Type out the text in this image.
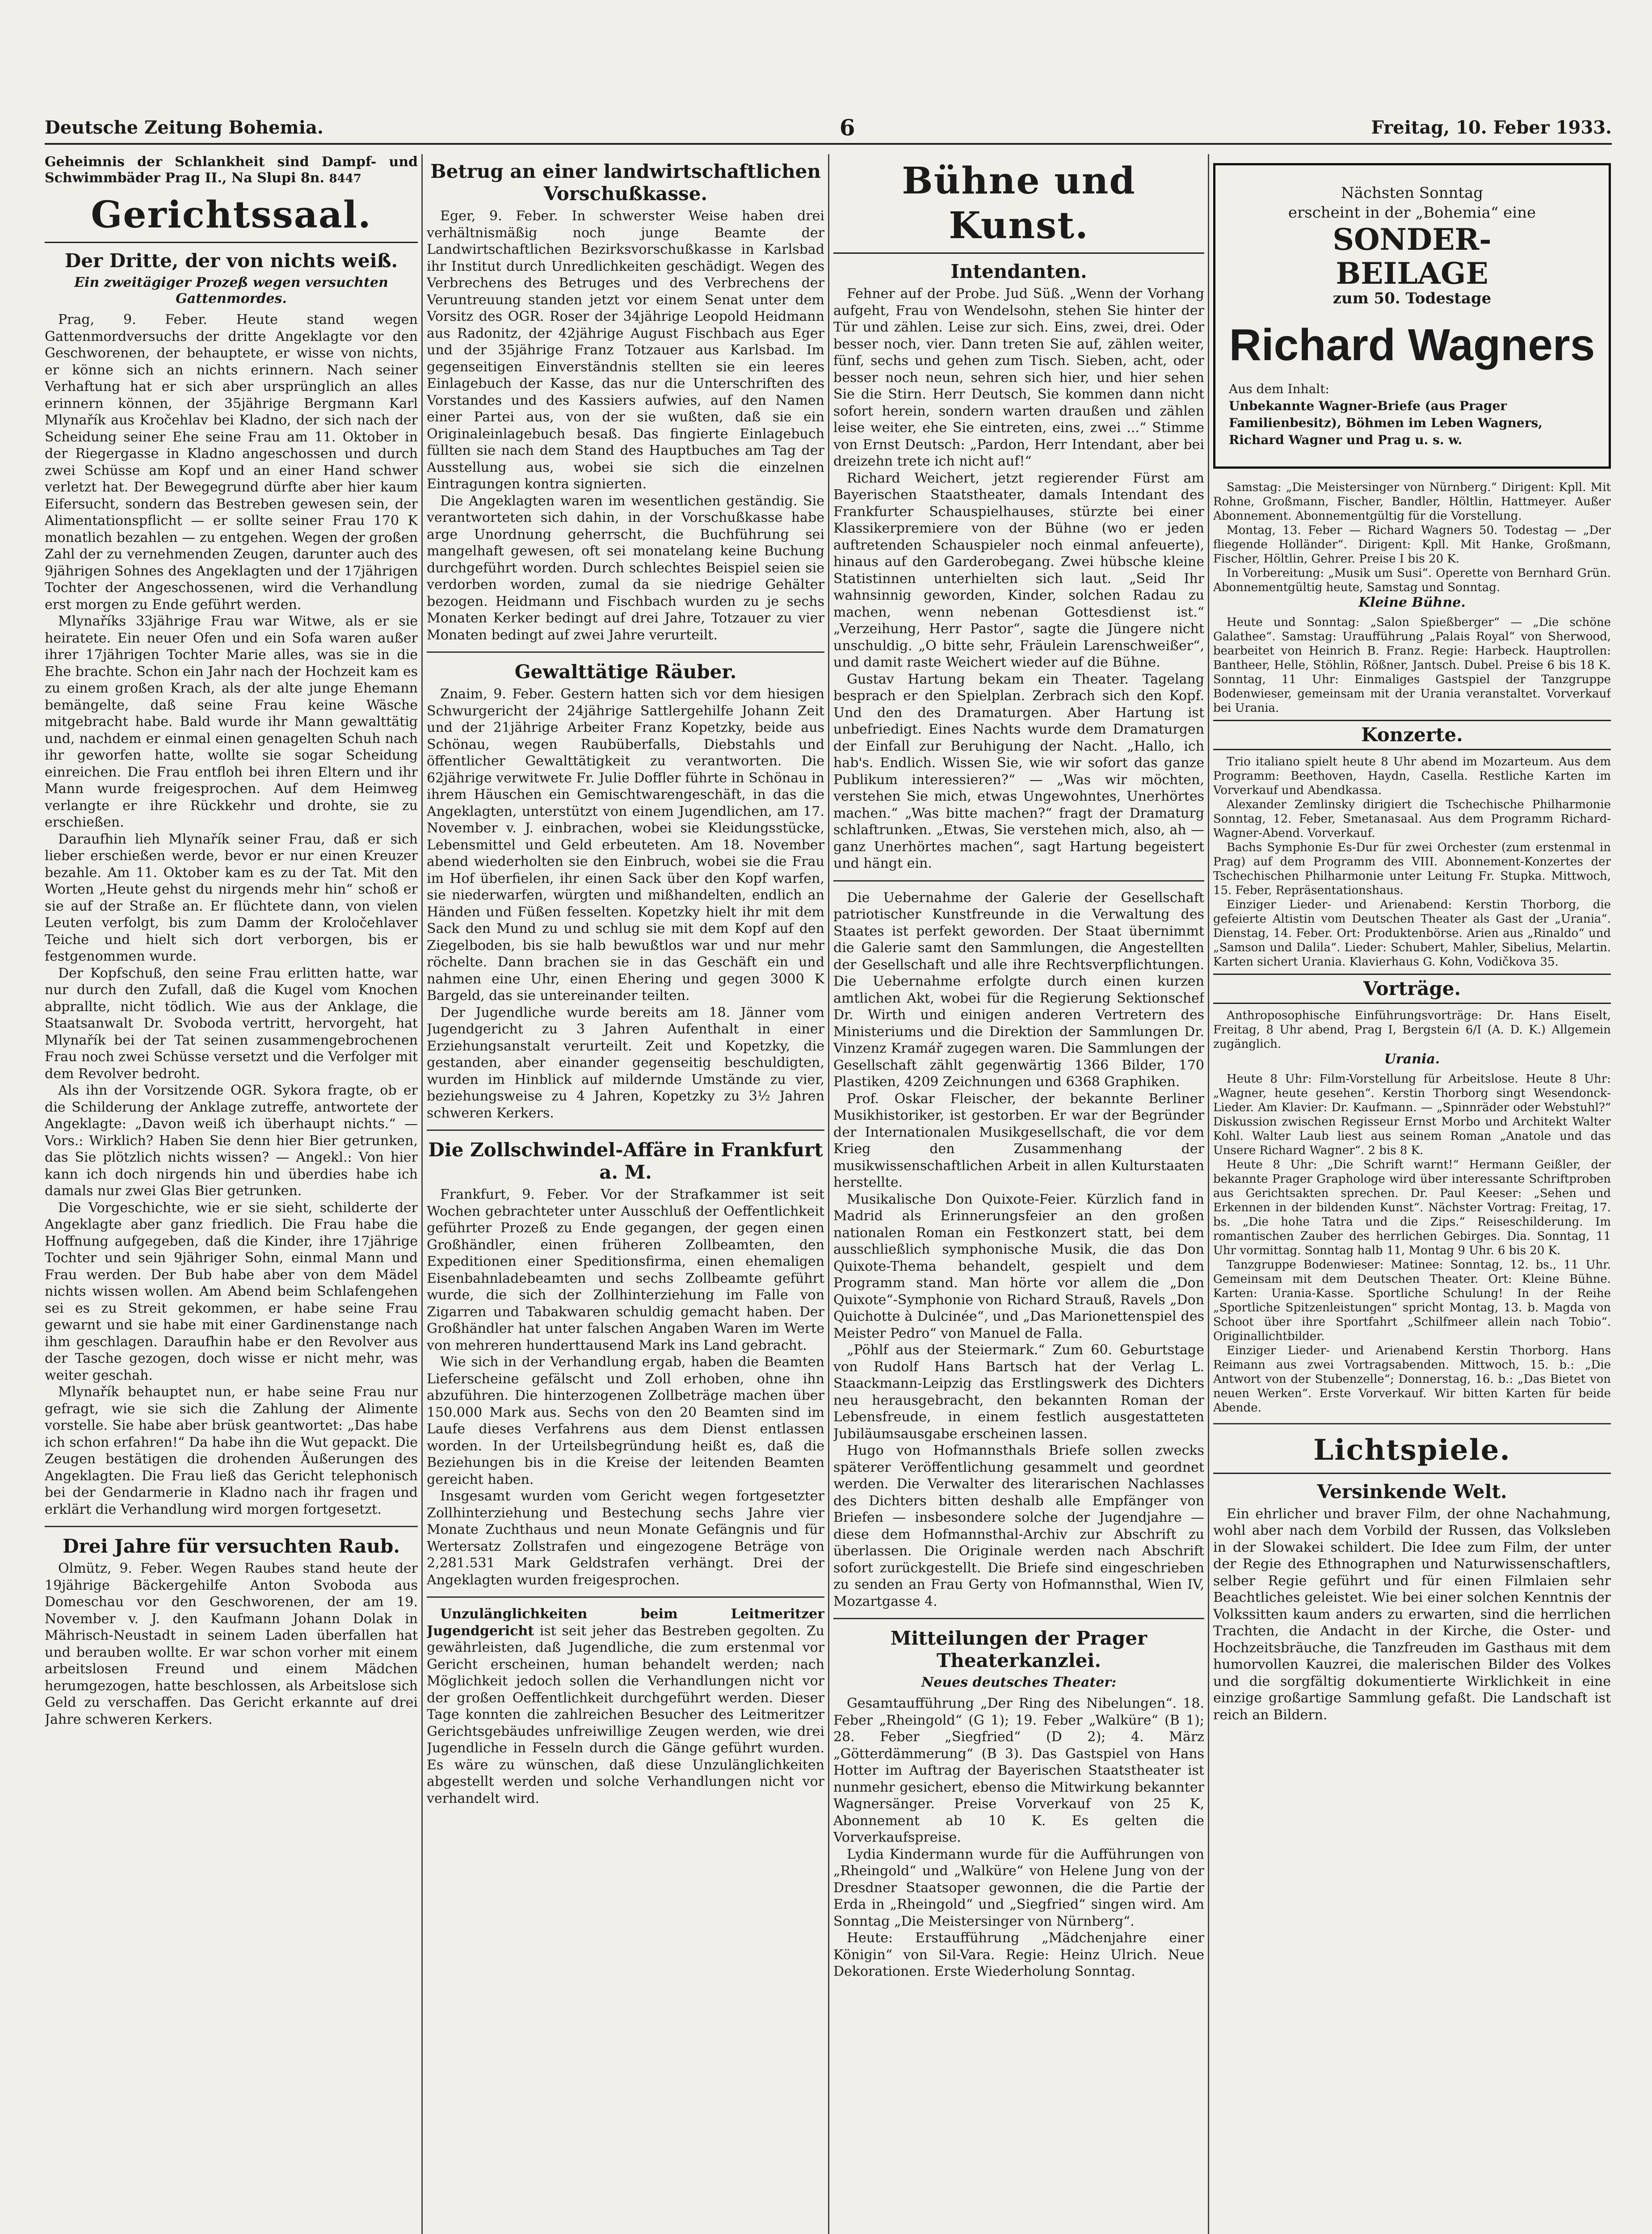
Deutsche Zeitung Bohemia.	6	Freitag, 10. Feber 1933.
Geheimnis der Schlankheit sind Dampf- und Schwimmbäder Prag II., Na Slupi 8n. 8447
Gerichtssaal.
Der Dritte, der von nichts weiß.
Ein zweitägiger Prozeß wegen versuchten Gattenmordes.

Prag, 9. Feber. Heute stand wegen Gattenmordversuchs der dritte Angeklagte vor den Geschworenen, der behauptete, er wisse von nichts, er könne sich an nichts erinnern. Nach seiner Verhaftung hat er sich aber ursprünglich an alles erinnern können, der 35jährige Bergmann Karl Mlynařík aus Kročehlav bei Kladno, der sich nach der Scheidung seiner Ehe seine Frau am 11. Oktober in der Riegergasse in Kladno angeschossen und durch zwei Schüsse am Kopf und an einer Hand schwer verletzt hat. Der Bewegegrund dürfte aber hier kaum Eifersucht, sondern das Bestreben gewesen sein, der Alimentationspflicht — er sollte seiner Frau 170 K monatlich bezahlen — zu entgehen. Wegen der großen Zahl der zu vernehmenden Zeugen, darunter auch des 9jährigen Sohnes des Angeklagten und der 17jährigen Tochter der Angeschossenen, wird die Verhandlung erst morgen zu Ende geführt werden.

Mlynaříks 33jährige Frau war Witwe, als er sie heiratete. Ein neuer Ofen und ein Sofa waren außer ihrer 17jährigen Tochter Marie alles, was sie in die Ehe brachte. Schon ein Jahr nach der Hochzeit kam es zu einem großen Krach, als der alte junge Ehemann bemängelte, daß seine Frau keine Wäsche mitgebracht habe. Bald wurde ihr Mann gewalttätig und, nachdem er einmal einen genagelten Schuh nach ihr geworfen hatte, wollte sie sogar Scheidung einreichen. Die Frau entfloh bei ihren Eltern und ihr Mann wurde freigesprochen. Auf dem Heimweg verlangte er ihre Rückkehr und drohte, sie zu erschießen.

Daraufhin lieh Mlynařík seiner Frau, daß er sich lieber erschießen werde, bevor er nur einen Kreuzer bezahle. Am 11. Oktober kam es zu der Tat. Mit den Worten „Heute gehst du nirgends mehr hin“ schoß er sie auf der Straße an. Er flüchtete dann, von vielen Leuten verfolgt, bis zum Damm der Kroločehlaver Teiche und hielt sich dort verborgen, bis er festgenommen wurde.

Der Kopfschuß, den seine Frau erlitten hatte, war nur durch den Zufall, daß die Kugel vom Knochen abprallte, nicht tödlich. Wie aus der Anklage, die Staatsanwalt Dr. Svoboda vertritt, hervorgeht, hat Mlynařík bei der Tat seinen zusammengebrochenen Frau noch zwei Schüsse versetzt und die Verfolger mit dem Revolver bedroht.

Als ihn der Vorsitzende OGR. Sykora fragte, ob er die Schilderung der Anklage zutreffe, antwortete der Angeklagte: „Davon weiß ich überhaupt nichts.“ — Vors.: Wirklich? Haben Sie denn hier Bier getrunken, das Sie plötzlich nichts wissen? — Angekl.: Von hier kann ich doch nirgends hin und überdies habe ich damals nur zwei Glas Bier getrunken.

Die Vorgeschichte, wie er sie sieht, schilderte der Angeklagte aber ganz friedlich. Die Frau habe die Hoffnung aufgegeben, daß die Kinder, ihre 17jährige Tochter und sein 9jähriger Sohn, einmal Mann und Frau werden. Der Bub habe aber von dem Mädel nichts wissen wollen. Am Abend beim Schlafengehen sei es zu Streit gekommen, er habe seine Frau gewarnt und sie habe mit einer Gardinenstange nach ihm geschlagen. Daraufhin habe er den Revolver aus der Tasche gezogen, doch wisse er nicht mehr, was weiter geschah.

Mlynařík behauptet nun, er habe seine Frau nur gefragt, wie sie sich die Zahlung der Alimente vorstelle. Sie habe aber brüsk geantwortet: „Das habe ich schon erfahren!“ Da habe ihn die Wut gepackt. Die Zeugen bestätigen die drohenden Äußerungen des Angeklagten. Die Frau ließ das Gericht telephonisch bei der Gendarmerie in Kladno nach ihr fragen und erklärt die Verhandlung wird morgen fortgesetzt.

Drei Jahre für versuchten Raub.

Olmütz, 9. Feber. Wegen Raubes stand heute der 19jährige Bäckergehilfe Anton Svoboda aus Domeschau vor den Geschworenen, der am 19. November v. J. den Kaufmann Johann Dolak in Mährisch-Neustadt in seinem Laden überfallen hat und berauben wollte. Er war schon vorher mit einem arbeitslosen Freund und einem Mädchen herumgezogen, hatte beschlossen, als Arbeitslose sich Geld zu verschaffen. Das Gericht erkannte auf drei Jahre schweren Kerkers.

Betrug an einer landwirtschaftlichen Vorschußkasse.

Eger, 9. Feber. In schwerster Weise haben drei verhältnismäßig noch junge Beamte der Landwirtschaftlichen Bezirksvorschußkasse in Karlsbad ihr Institut durch Unredlichkeiten geschädigt. Wegen des Verbrechens des Betruges und des Verbrechens der Veruntreuung standen jetzt vor einem Senat unter dem Vorsitz des OGR. Roser der 34jährige Leopold Heidmann aus Radonitz, der 42jährige August Fischbach aus Eger und der 35jährige Franz Totzauer aus Karlsbad. Im gegenseitigen Einverständnis stellten sie ein leeres Einlagebuch der Kasse, das nur die Unterschriften des Vorstandes und des Kassiers aufwies, auf den Namen einer Partei aus, von der sie wußten, daß sie ein Originaleinlagebuch besaß. Das fingierte Einlagebuch füllten sie nach dem Stand des Hauptbuches am Tag der Ausstellung aus, wobei sie sich die einzelnen Eintragungen kontra signierten.

Die Angeklagten waren im wesentlichen geständig. Sie verantworteten sich dahin, in der Vorschußkasse habe arge Unordnung geherrscht, die Buchführung sei mangelhaft gewesen, oft sei monatelang keine Buchung durchgeführt worden. Durch schlechtes Beispiel seien sie verdorben worden, zumal da sie niedrige Gehälter bezogen. Heidmann und Fischbach wurden zu je sechs Monaten Kerker bedingt auf drei Jahre, Totzauer zu vier Monaten bedingt auf zwei Jahre verurteilt.

Gewalttätige Räuber.

Znaim, 9. Feber. Gestern hatten sich vor dem hiesigen Schwurgericht der 24jährige Sattlergehilfe Johann Zeit und der 21jährige Arbeiter Franz Kopetzky, beide aus Schönau, wegen Raubüberfalls, Diebstahls und öffentlicher Gewalttätigkeit zu verantworten. Die 62jährige verwitwete Fr. Julie Doffler führte in Schönau in ihrem Häuschen ein Gemischtwarengeschäft, in das die Angeklagten, unterstützt von einem Jugendlichen, am 17. November v. J. einbrachen, wobei sie Kleidungsstücke, Lebensmittel und Geld erbeuteten. Am 18. November abend wiederholten sie den Einbruch, wobei sie die Frau im Hof überfielen, ihr einen Sack über den Kopf warfen, sie niederwarfen, würgten und mißhandelten, endlich an Händen und Füßen fesselten. Kopetzky hielt ihr mit dem Sack den Mund zu und schlug sie mit dem Kopf auf den Ziegelboden, bis sie halb bewußtlos war und nur mehr röchelte. Dann brachen sie in das Geschäft ein und nahmen eine Uhr, einen Ehering und gegen 3000 K Bargeld, das sie untereinander teilten.

Der Jugendliche wurde bereits am 18. Jänner vom Jugendgericht zu 3 Jahren Aufenthalt in einer Erziehungsanstalt verurteilt. Zeit und Kopetzky, die gestanden, aber einander gegenseitig beschuldigten, wurden im Hinblick auf mildernde Umstände zu vier, beziehungsweise zu 4 Jahren, Kopetzky zu 3½ Jahren schweren Kerkers.

Die Zollschwindel-Affäre in Frankfurt a. M.

Frankfurt, 9. Feber. Vor der Strafkammer ist seit Wochen gebrachteter unter Ausschluß der Oeffentlichkeit geführter Prozeß zu Ende gegangen, der gegen einen Großhändler, einen früheren Zollbeamten, den Expeditionen einer Speditionsfirma, einen ehemaligen Eisenbahnladebeamten und sechs Zollbeamte geführt wurde, die sich der Zollhinterziehung im Falle von Zigarren und Tabakwaren schuldig gemacht haben. Der Großhändler hat unter falschen Angaben Waren im Werte von mehreren hunderttausend Mark ins Land gebracht.

Wie sich in der Verhandlung ergab, haben die Beamten Lieferscheine gefälscht und Zoll erhoben, ohne ihn abzuführen. Die hinterzogenen Zollbeträge machen über 150.000 Mark aus. Sechs von den 20 Beamten sind im Laufe dieses Verfahrens aus dem Dienst entlassen worden. In der Urteilsbegründung heißt es, daß die Beziehungen bis in die Kreise der leitenden Beamten gereicht haben.

Insgesamt wurden vom Gericht wegen fortgesetzter Zollhinterziehung und Bestechung sechs Jahre vier Monate Zuchthaus und neun Monate Gefängnis und für Wertersatz Zollstrafen und eingezogene Beträge von 2,281.531 Mark Geldstrafen verhängt. Drei der Angeklagten wurden freigesprochen.

Unzulänglichkeiten beim Leitmeritzer Jugendgericht ist seit jeher das Bestreben gegolten. Zu gewährleisten, daß Jugendliche, die zum erstenmal vor Gericht erscheinen, human behandelt werden; nach Möglichkeit jedoch sollen die Verhandlungen nicht vor der großen Oeffentlichkeit durchgeführt werden. Dieser Tage konnten die zahlreichen Besucher des Leitmeritzer Gerichtsgebäudes unfreiwillige Zeugen werden, wie drei Jugendliche in Fesseln durch die Gänge geführt wurden. Es wäre zu wünschen, daß diese Unzulänglichkeiten abgestellt werden und solche Verhandlungen nicht vor verhandelt wird.

Bühne und Kunst.
Intendanten.

Fehner auf der Probe. Jud Süß. „Wenn der Vorhang aufgeht, Frau von Wendelsohn, stehen Sie hinter der Tür und zählen. Leise zur sich. Eins, zwei, drei. Oder besser noch, vier. Dann treten Sie auf, zählen weiter, fünf, sechs und gehen zum Tisch. Sieben, acht, oder besser noch neun, sehren sich hier, und hier sehen Sie die Stirn. Herr Deutsch, Sie kommen dann nicht sofort herein, sondern warten draußen und zählen leise weiter, ehe Sie eintreten, eins, zwei ...“ Stimme von Ernst Deutsch: „Pardon, Herr Intendant, aber bei dreizehn trete ich nicht auf!“

Richard Weichert, jetzt regierender Fürst am Bayerischen Staatstheater, damals Intendant des Frankfurter Schauspielhauses, stürzte bei einer Klassikerpremiere von der Bühne (wo er jeden auftretenden Schauspieler noch einmal anfeuerte), hinaus auf den Garderobegang. Zwei hübsche kleine Statistinnen unterhielten sich laut. „Seid Ihr wahnsinnig geworden, Kinder, solchen Radau zu machen, wenn nebenan Gottesdienst ist.“ „Verzeihung, Herr Pastor“, sagte die Jüngere nicht unschuldig. „O bitte sehr, Fräulein Larenschweißer“, und damit raste Weichert wieder auf die Bühne.

Gustav Hartung bekam ein Theater. Tagelang besprach er den Spielplan. Zerbrach sich den Kopf. Und den des Dramaturgen. Aber Hartung ist unbefriedigt. Eines Nachts wurde dem Dramaturgen der Einfall zur Beruhigung der Nacht. „Hallo, ich hab's. Endlich. Wissen Sie, wie wir sofort das ganze Publikum interessieren?“ — „Was wir möchten, verstehen Sie mich, etwas Ungewohntes, Unerhörtes machen.“ „Was bitte machen?“ fragt der Dramaturg schlaftrunken. „Etwas, Sie verstehen mich, also, ah — ganz Unerhörtes machen“, sagt Hartung begeistert und hängt ein.

Die Uebernahme der Galerie der Gesellschaft patriotischer Kunstfreunde in die Verwaltung des Staates ist perfekt geworden. Der Staat übernimmt die Galerie samt den Sammlungen, die Angestellten der Gesellschaft und alle ihre Rechtsverpflichtungen. Die Uebernahme erfolgte durch einen kurzen amtlichen Akt, wobei für die Regierung Sektionschef Dr. Wirth und einigen anderen Vertretern des Ministeriums und die Direktion der Sammlungen Dr. Vinzenz Kramář zugegen waren. Die Sammlungen der Gesellschaft zählt gegenwärtig 1366 Bilder, 170 Plastiken, 4209 Zeichnungen und 6368 Graphiken.

Prof. Oskar Fleischer, der bekannte Berliner Musikhistoriker, ist gestorben. Er war der Begründer der Internationalen Musikgesellschaft, die vor dem Krieg den Zusammenhang der musikwissenschaftlichen Arbeit in allen Kulturstaaten herstellte.

Musikalische Don Quixote-Feier. Kürzlich fand in Madrid als Erinnerungsfeier an den großen nationalen Roman ein Festkonzert statt, bei dem ausschließlich symphonische Musik, die das Don Quixote-Thema behandelt, gespielt und dem Programm stand. Man hörte vor allem die „Don Quixote“-Symphonie von Richard Strauß, Ravels „Don Quichotte à Dulcinée“, und „Das Marionettenspiel des Meister Pedro“ von Manuel de Falla.

„Pöhlf aus der Steiermark.“ Zum 60. Geburtstage von Rudolf Hans Bartsch hat der Verlag L. Staackmann-Leipzig das Erstlingswerk des Dichters neu herausgebracht, den bekannten Roman der Lebensfreude, in einem festlich ausgestatteten Jubiläumsausgabe erscheinen lassen.

Hugo von Hofmannsthals Briefe sollen zwecks späterer Veröffentlichung gesammelt und geordnet werden. Die Verwalter des literarischen Nachlasses des Dichters bitten deshalb alle Empfänger von Briefen — insbesondere solche der Jugendjahre — diese dem Hofmannsthal-Archiv zur Abschrift zu überlassen. Die Originale werden nach Abschrift sofort zurückgestellt. Die Briefe sind eingeschrieben zu senden an Frau Gerty von Hofmannsthal, Wien IV, Mozartgasse 4.

Mitteilungen der Prager Theaterkanzlei.
Neues deutsches Theater:

Gesamtaufführung „Der Ring des Nibelungen“. 18. Feber „Rheingold“ (G 1); 19. Feber „Walküre“ (B 1); 28. Feber „Siegfried“ (D 2); 4. März „Götterdämmerung“ (B 3). Das Gastspiel von Hans Hotter im Auftrag der Bayerischen Staatstheater ist nunmehr gesichert, ebenso die Mitwirkung bekannter Wagnersänger. Preise Vorverkauf von 25 K, Abonnement ab 10 K. Es gelten die Vorverkaufspreise.

Lydia Kindermann wurde für die Aufführungen von „Rheingold“ und „Walküre“ von Helene Jung von der Dresdner Staatsoper gewonnen, die die Partie der Erda in „Rheingold“ und „Siegfried“ singen wird. Am Sonntag „Die Meistersinger von Nürnberg“.

Heute: Erstaufführung „Mädchenjahre einer Königin“ von Sil-Vara. Regie: Heinz Ulrich. Neue Dekorationen. Erste Wiederholung Sonntag.

Nächsten Sonntag
erscheint in der „Bohemia“ eine
SONDER-
BEILAGE
zum 50. Todestage
Richard Wagners
Aus dem Inhalt:
Unbekannte Wagner-Briefe (aus Prager Familienbesitz), Böhmen im Leben Wagners, Richard Wagner und Prag u. s. w.

Samstag: „Die Meistersinger von Nürnberg.“ Dirigent: Kpll. Mit Rohne, Großmann, Fischer, Bandler, Höltlin, Hattmeyer. Außer Abonnement. Abonnementgültig für die Vorstellung.

Montag, 13. Feber — Richard Wagners 50. Todestag — „Der fliegende Holländer“. Dirigent: Kpll. Mit Hanke, Großmann, Fischer, Höltlin, Gehrer. Preise I bis 20 K.

In Vorbereitung: „Musik um Susi“. Operette von Bernhard Grün. Abonnementgültig heute, Samstag und Sonntag.

Kleine Bühne.

Heute und Sonntag: „Salon Spießberger“ — „Die schöne Galathee“. Samstag: Uraufführung „Palais Royal“ von Sherwood, bearbeitet von Heinrich B. Franz. Regie: Harbeck. Hauptrollen: Bantheer, Helle, Stöhlin, Rößner, Jantsch. Dubel. Preise 6 bis 18 K. Sonntag, 11 Uhr: Einmaliges Gastspiel der Tanzgruppe Bodenwieser, gemeinsam mit der Urania veranstaltet. Vorverkauf bei Urania.

Konzerte.

Trio italiano spielt heute 8 Uhr abend im Mozarteum. Aus dem Programm: Beethoven, Haydn, Casella. Restliche Karten im Vorverkauf und Abendkassa.

Alexander Zemlinsky dirigiert die Tschechische Philharmonie Sonntag, 12. Feber, Smetanasaal. Aus dem Programm Richard-Wagner-Abend. Vorverkauf.

Bachs Symphonie Es-Dur für zwei Orchester (zum erstenmal in Prag) auf dem Programm des VIII. Abonnement-Konzertes der Tschechischen Philharmonie unter Leitung Fr. Stupka. Mittwoch, 15. Feber, Repräsentationshaus.

Einziger Lieder- und Arienabend: Kerstin Thorborg, die gefeierte Altistin vom Deutschen Theater als Gast der „Urania“. Dienstag, 14. Feber. Ort: Produktenbörse. Arien aus „Rinaldo“ und „Samson und Dalila“. Lieder: Schubert, Mahler, Sibelius, Melartin. Karten sichert Urania. Klavierhaus G. Kohn, Vodičkova 35.

Vorträge.

Anthroposophische Einführungsvorträge: Dr. Hans Eiselt, Freitag, 8 Uhr abend, Prag I, Bergstein 6/I (A. D. K.) Allgemein zugänglich.

Urania.

Heute 8 Uhr: Film-Vorstellung für Arbeitslose. Heute 8 Uhr: „Wagner, heute gesehen“. Kerstin Thorborg singt Wesendonck-Lieder. Am Klavier: Dr. Kaufmann. — „Spinnräder oder Webstuhl?“ Diskussion zwischen Regisseur Ernst Morbo und Architekt Walter Kohl. Walter Laub liest aus seinem Roman „Anatole und das Unsere Richard Wagner“. 2 bis 8 K.

Heute 8 Uhr: „Die Schrift warnt!“ Hermann Geißler, der bekannte Prager Graphologe wird über interessante Schriftproben aus Gerichtsakten sprechen. Dr. Paul Keeser: „Sehen und Erkennen in der bildenden Kunst“. Nächster Vortrag: Freitag, 17. bs. „Die hohe Tatra und die Zips.“ Reiseschilderung. Im romantischen Zauber des herrlichen Gebirges. Dia. Sonntag, 11 Uhr vormittag. Sonntag halb 11, Montag 9 Uhr. 6 bis 20 K.

Tanzgruppe Bodenwieser: Matinee: Sonntag, 12. bs., 11 Uhr. Gemeinsam mit dem Deutschen Theater. Ort: Kleine Bühne. Karten: Urania-Kasse. Sportliche Schulung! In der Reihe „Sportliche Spitzenleistungen“ spricht Montag, 13. b. Magda von Schoot über ihre Sportfahrt „Schilfmeer allein nach Tobio“. Originallichtbilder.

Einziger Lieder- und Arienabend Kerstin Thorborg. Hans Reimann aus zwei Vortragsabenden. Mittwoch, 15. b.: „Die Antwort von der Stubenzelle“; Donnerstag, 16. b.: „Das Bietet von neuen Werken“. Erste Vorverkauf. Wir bitten Karten für beide Abende.

Lichtspiele.
Versinkende Welt.

Ein ehrlicher und braver Film, der ohne Nachahmung, wohl aber nach dem Vorbild der Russen, das Volksleben in der Slowakei schildert. Die Idee zum Film, der unter der Regie des Ethnographen und Naturwissenschaftlers, selber Regie geführt und für einen Filmlaien sehr Beachtliches geleistet. Wie bei einer solchen Kenntnis der Volkssitten kaum anders zu erwarten, sind die herrlichen Trachten, die Andacht in der Kirche, die Oster- und Hochzeitsbräuche, die Tanzfreuden im Gasthaus mit dem humorvollen Kauzrei, die malerischen Bilder des Volkes und die sorgfältig dokumentierte Wirklichkeit in eine einzige großartige Sammlung gefaßt. Die Landschaft ist reich an Bildern.
